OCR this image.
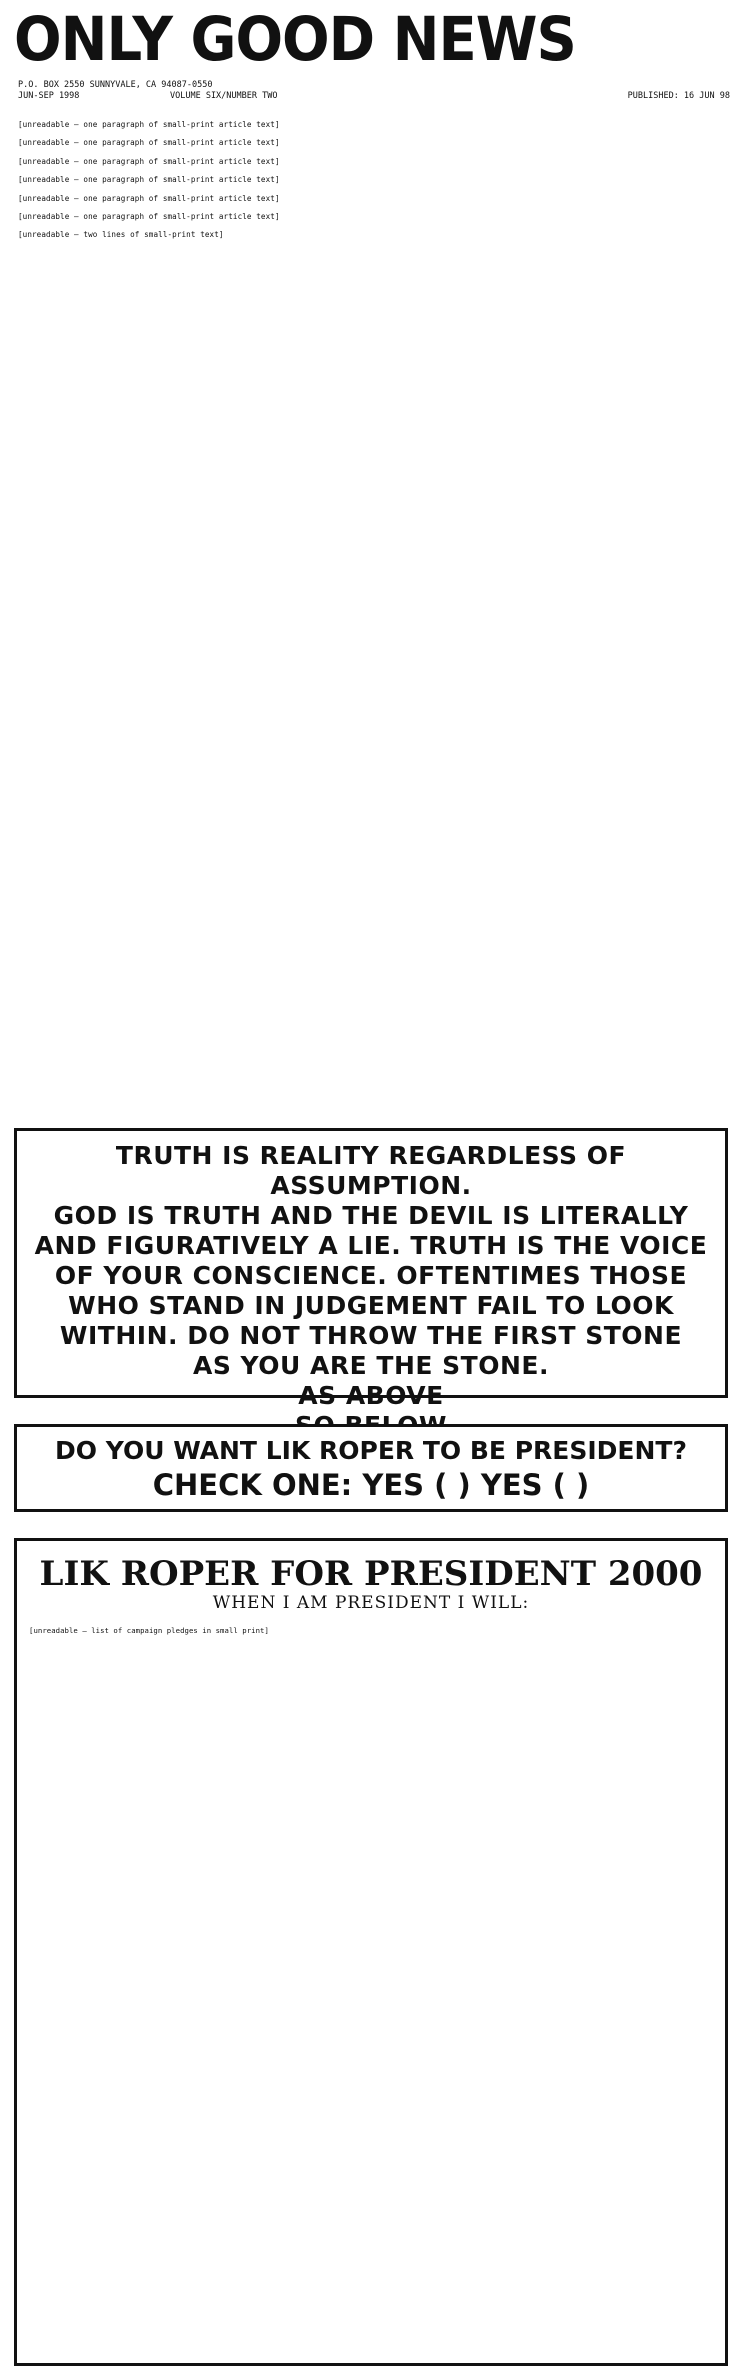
ONLY GOOD NEWS
P.O. BOX 2550 SUNNYVALE, CA 94087-0550
JUN-SEP 1998	VOLUME SIX/NUMBER TWO	PUBLISHED: 16 JUN 98
[unreadable — one paragraph of small-print article text]
[unreadable — one paragraph of small-print article text]
[unreadable — one paragraph of small-print article text]
[unreadable — one paragraph of small-print article text]
[unreadable — one paragraph of small-print article text]
[unreadable — one paragraph of small-print article text]
[unreadable — two lines of small-print text]
TRUTH IS REALITY REGARDLESS OF ASSUMPTION.
GOD IS TRUTH AND THE DEVIL IS LITERALLY
AND FIGURATIVELY A LIE. TRUTH IS THE VOICE
OF YOUR CONSCIENCE. OFTENTIMES THOSE
WHO STAND IN JUDGEMENT FAIL TO LOOK
WITHIN. DO NOT THROW THE FIRST STONE
AS YOU ARE THE STONE.
AS ABOVE
DO YOU WANT LIK ROPER TO BE PRESIDENT?
CHECK ONE: YES ( ) YES ( )
LIK ROPER FOR PRESIDENT 2000
WHEN I AM PRESIDENT I WILL:
[unreadable — list of campaign pledges in small print]
